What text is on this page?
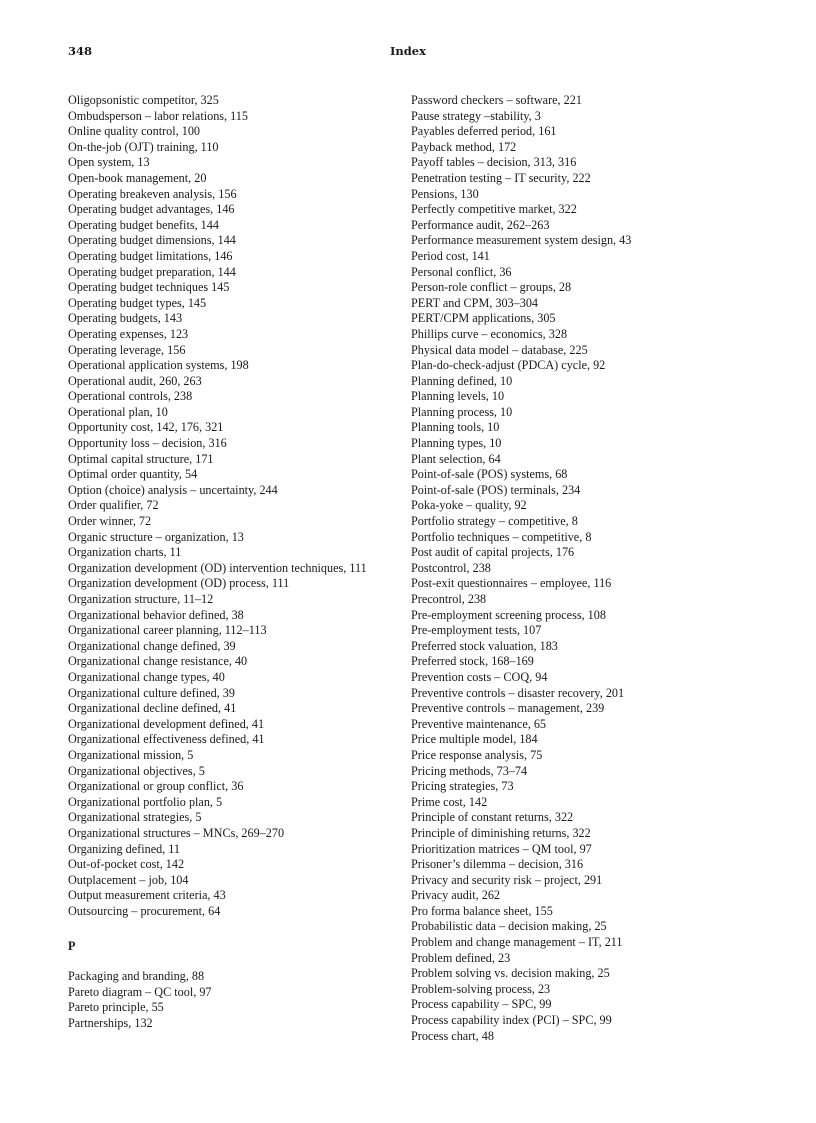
348	Index
Oligopsonistic competitor, 325
Ombudsperson – labor relations, 115
Online quality control, 100
On-the-job (OJT) training, 110
Open system, 13
Open-book management, 20
Operating breakeven analysis, 156
Operating budget advantages, 146
Operating budget benefits, 144
Operating budget dimensions, 144
Operating budget limitations, 146
Operating budget preparation, 144
Operating budget techniques 145
Operating budget types, 145
Operating budgets, 143
Operating expenses, 123
Operating leverage, 156
Operational application systems, 198
Operational audit, 260, 263
Operational controls, 238
Operational plan, 10
Opportunity cost, 142, 176, 321
Opportunity loss – decision, 316
Optimal capital structure, 171
Optimal order quantity, 54
Option (choice) analysis – uncertainty, 244
Order qualifier, 72
Order winner, 72
Organic structure – organization, 13
Organization charts, 11
Organization development (OD) intervention techniques, 111
Organization development (OD) process, 111
Organization structure, 11–12
Organizational behavior defined, 38
Organizational career planning, 112–113
Organizational change defined, 39
Organizational change resistance, 40
Organizational change types, 40
Organizational culture defined, 39
Organizational decline defined, 41
Organizational development defined, 41
Organizational effectiveness defined, 41
Organizational mission, 5
Organizational objectives, 5
Organizational or group conflict, 36
Organizational portfolio plan, 5
Organizational strategies, 5
Organizational structures – MNCs, 269–270
Organizing defined, 11
Out-of-pocket cost, 142
Outplacement – job, 104
Output measurement criteria, 43
Outsourcing – procurement, 64
P
Packaging and branding, 88
Pareto diagram – QC tool, 97
Pareto principle, 55
Partnerships, 132
Password checkers – software, 221
Pause strategy –stability, 3
Payables deferred period, 161
Payback method, 172
Payoff tables – decision, 313, 316
Penetration testing – IT security, 222
Pensions, 130
Perfectly competitive market, 322
Performance audit, 262–263
Performance measurement system design, 43
Period cost, 141
Personal conflict, 36
Person-role conflict – groups, 28
PERT and CPM, 303–304
PERT/CPM applications, 305
Phillips curve – economics, 328
Physical data model – database, 225
Plan-do-check-adjust (PDCA) cycle, 92
Planning defined, 10
Planning levels, 10
Planning process, 10
Planning tools, 10
Planning types, 10
Plant selection, 64
Point-of-sale (POS) systems, 68
Point-of-sale (POS) terminals, 234
Poka-yoke – quality, 92
Portfolio strategy – competitive, 8
Portfolio techniques – competitive, 8
Post audit of capital projects, 176
Postcontrol, 238
Post-exit questionnaires – employee, 116
Precontrol, 238
Pre-employment screening process, 108
Pre-employment tests, 107
Preferred stock valuation, 183
Preferred stock, 168–169
Prevention costs – COQ, 94
Preventive controls – disaster recovery, 201
Preventive controls – management, 239
Preventive maintenance, 65
Price multiple model, 184
Price response analysis, 75
Pricing methods, 73–74
Pricing strategies, 73
Prime cost, 142
Principle of constant returns, 322
Principle of diminishing returns, 322
Prioritization matrices – QM tool, 97
Prisoner’s dilemma – decision, 316
Privacy and security risk – project, 291
Privacy audit, 262
Pro forma balance sheet, 155
Probabilistic data – decision making, 25
Problem and change management – IT, 211
Problem defined, 23
Problem solving vs. decision making, 25
Problem-solving process, 23
Process capability – SPC, 99
Process capability index (PCI) – SPC, 99
Process chart, 48
